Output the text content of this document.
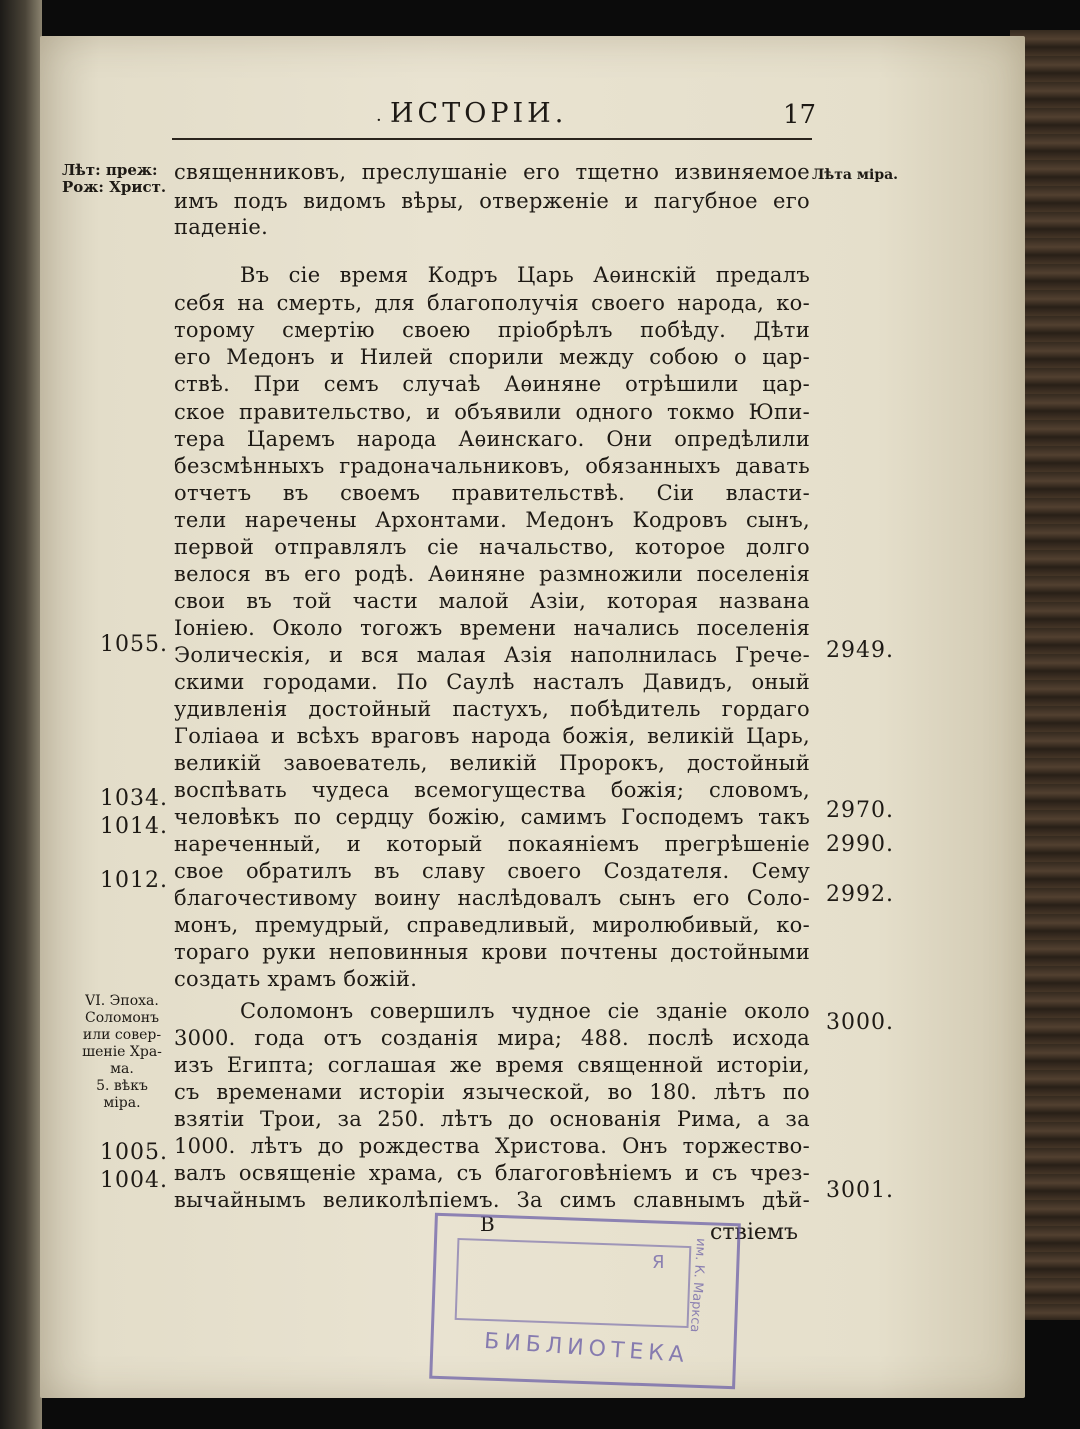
· ИСТОРIИ.	17
Лѣт: преж:
Рож: Христ.
Лѣта мiра.
священниковъ, преслушанiе его тщетно извиняемое
имъ подъ видомъ вѣры, отверженiе и пагубное его
паденiе.
Въ сiе время Кодръ Царь Аѳинскiй предалъ
себя на смерть, для благополучiя своего народа, ко-
торому смертiю своею прiобрѣлъ побѣду. Дѣти
его Медонъ и Нилей спорили между собою о цар-
ствѣ. При семъ случаѣ Аѳиняне отрѣшили цар-
ское правительство, и объявили одного токмо Юпи-
тера Царемъ народа Аѳинскаго. Они опредѣлили
безсмѣнныхъ градоначальниковъ, обязанныхъ давать
отчетъ въ своемъ правительствѣ. Сiи власти-
тели наречены Архонтами. Медонъ Кодровъ сынъ,
первой отправлялъ сiе начальство, которое долго
велося въ его родѣ. Аѳиняне размножили поселенiя
свои въ той части малой Азiи, которая названа
Iонiею. Около тогожъ времени начались поселенiя
Эолическiя, и вся малая Азiя наполнилась Грече-
скими городами. По Саулѣ насталъ Давидъ, оный
удивленiя достойный пастухъ, побѣдитель гордаго
Голiаѳа и всѣхъ враговъ народа божiя, великiй Царь,
великiй завоеватель, великiй Пророкъ, достойный
воспѣвать чудеса всемогущества божiя; словомъ,
человѣкъ по сердцу божiю, самимъ Господемъ такъ
нареченный, и который покаянiемъ прегрѣшенiе
свое обратилъ въ славу своего Создателя. Сему
благочестивому воину наслѣдовалъ сынъ его Соло-
монъ, премудрый, справедливый, миролюбивый, ко-
тораго руки неповинныя крови почтены достойными
создать храмъ божiй.
Соломонъ совершилъ чудное сiе зданiе около
3000. года отъ созданiя мира; 488. послѣ исхода
изъ Египта; соглашая же время священной исторiи,
съ временами исторiи языческой, во 180. лѣтъ по
взятiи Трои, за 250. лѣтъ до основанiя Рима, а за
1000. лѣтъ до рождества Христова. Онъ торжество-
валъ освященiе храма, съ благоговѣнiемъ и съ чрез-
вычайнымъ великолѣпiемъ. За симъ славнымъ дѣй-
1055.
1034.
1014.
1012.
1005.
1004.
2949.
2970.
2990.
2992.
3000.
3001.
VI. Эпоха.
Соломонъ
или совер-
шенiе Хра-
ма.
5. вѣкъ
мiра.
В	ствiемъ
Я им. К. Маркса
БИБЛИОТЕКА
